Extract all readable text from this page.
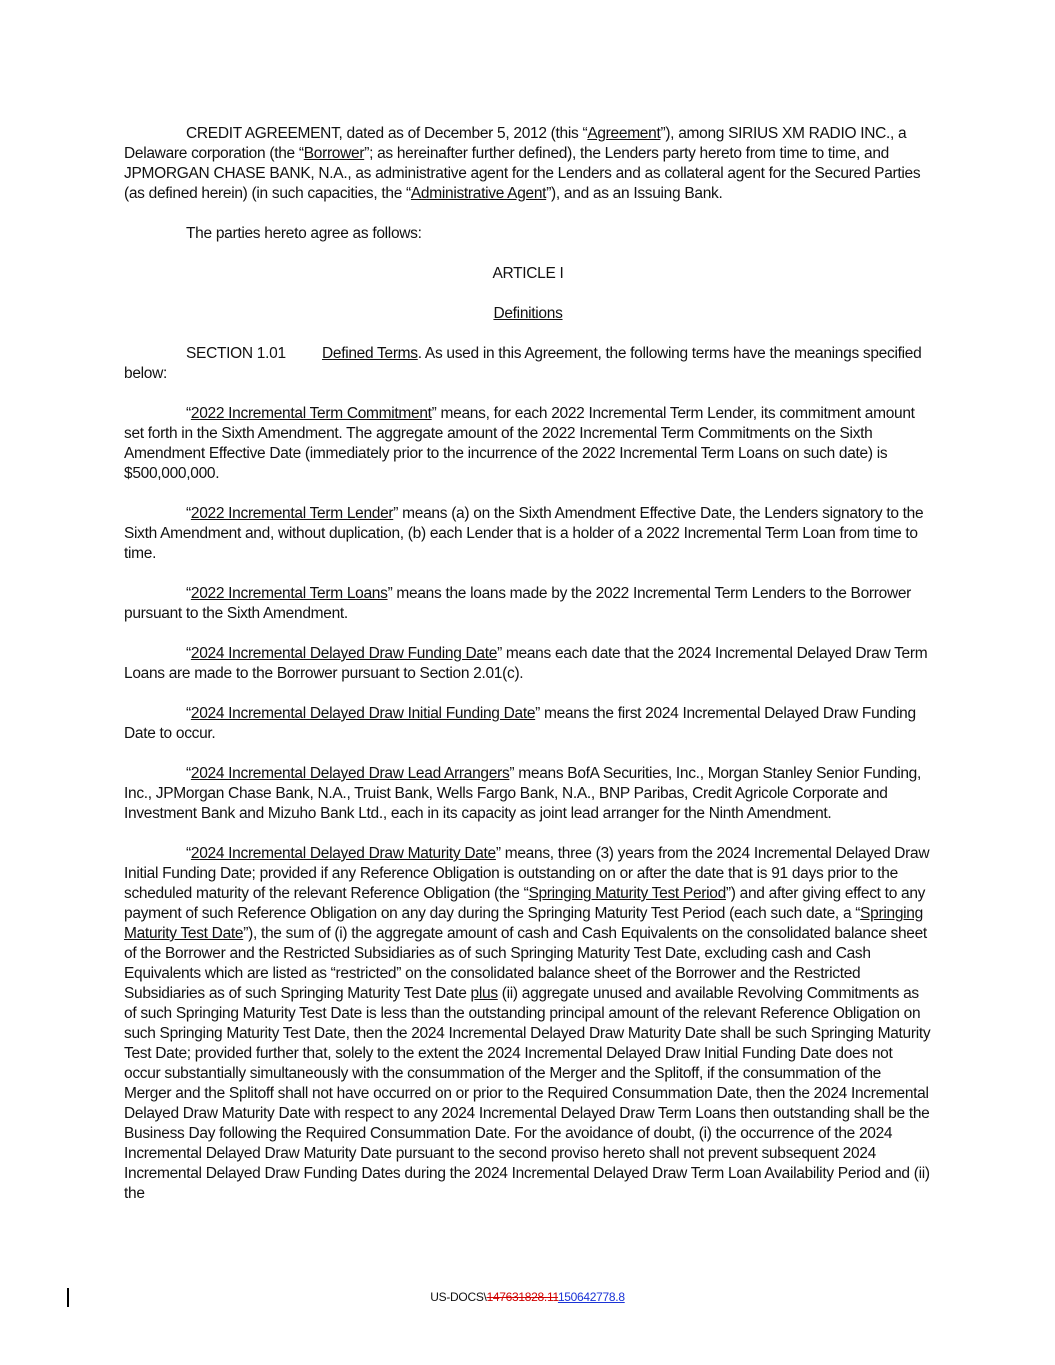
CREDIT AGREEMENT, dated as of December 5, 2012 (this “Agreement”), among SIRIUS XM RADIO INC., a Delaware corporation (the “Borrower”; as hereinafter further defined), the Lenders party hereto from time to time, and JPMORGAN CHASE BANK, N.A., as administrative agent for the Lenders and as collateral agent for the Secured Parties (as defined herein) (in such capacities, the “Administrative Agent”), and as an Issuing Bank.

The parties hereto agree as follows:

ARTICLE I

Definitions

SECTION 1.01 Defined Terms. As used in this Agreement, the following terms have the meanings specified below:

“2022 Incremental Term Commitment” means, for each 2022 Incremental Term Lender, its commitment amount set forth in the Sixth Amendment. The aggregate amount of the 2022 Incremental Term Commitments on the Sixth Amendment Effective Date (immediately prior to the incurrence of the 2022 Incremental Term Loans on such date) is $500,000,000.

“2022 Incremental Term Lender” means (a) on the Sixth Amendment Effective Date, the Lenders signatory to the Sixth Amendment and, without duplication, (b) each Lender that is a holder of a 2022 Incremental Term Loan from time to time.

“2022 Incremental Term Loans” means the loans made by the 2022 Incremental Term Lenders to the Borrower pursuant to the Sixth Amendment.

“2024 Incremental Delayed Draw Funding Date” means each date that the 2024 Incremental Delayed Draw Term Loans are made to the Borrower pursuant to Section 2.01(c).

“2024 Incremental Delayed Draw Initial Funding Date” means the first 2024 Incremental Delayed Draw Funding Date to occur.

“2024 Incremental Delayed Draw Lead Arrangers” means BofA Securities, Inc., Morgan Stanley Senior Funding, Inc., JPMorgan Chase Bank, N.A., Truist Bank, Wells Fargo Bank, N.A., BNP Paribas, Credit Agricole Corporate and Investment Bank and Mizuho Bank Ltd., each in its capacity as joint lead arranger for the Ninth Amendment.

“2024 Incremental Delayed Draw Maturity Date” means, three (3) years from the 2024 Incremental Delayed Draw Initial Funding Date; provided if any Reference Obligation is outstanding on or after the date that is 91 days prior to the scheduled maturity of the relevant Reference Obligation (the “Springing Maturity Test Period”) and after giving effect to any payment of such Reference Obligation on any day during the Springing Maturity Test Period (each such date, a “Springing Maturity Test Date”), the sum of (i) the aggregate amount of cash and Cash Equivalents on the consolidated balance sheet of the Borrower and the Restricted Subsidiaries as of such Springing Maturity Test Date, excluding cash and Cash Equivalents which are listed as “restricted” on the consolidated balance sheet of the Borrower and the Restricted Subsidiaries as of such Springing Maturity Test Date plus (ii) aggregate unused and available Revolving Commitments as of such Springing Maturity Test Date is less than the outstanding principal amount of the relevant Reference Obligation on such Springing Maturity Test Date, then the 2024 Incremental Delayed Draw Maturity Date shall be such Springing Maturity Test Date; provided further that, solely to the extent the 2024 Incremental Delayed Draw Initial Funding Date does not occur substantially simultaneously with the consummation of the Merger and the Splitoff, if the consummation of the Merger and the Splitoff shall not have occurred on or prior to the Required Consummation Date, then the 2024 Incremental Delayed Draw Maturity Date with respect to any 2024 Incremental Delayed Draw Term Loans then outstanding shall be the Business Day following the Required Consummation Date. For the avoidance of doubt, (i) the occurrence of the 2024 Incremental Delayed Draw Maturity Date pursuant to the second proviso hereto shall not prevent subsequent 2024 Incremental Delayed Draw Funding Dates during the 2024 Incremental Delayed Draw Term Loan Availability Period and (ii) the

US-DOCS\147631828.11150642778.8
